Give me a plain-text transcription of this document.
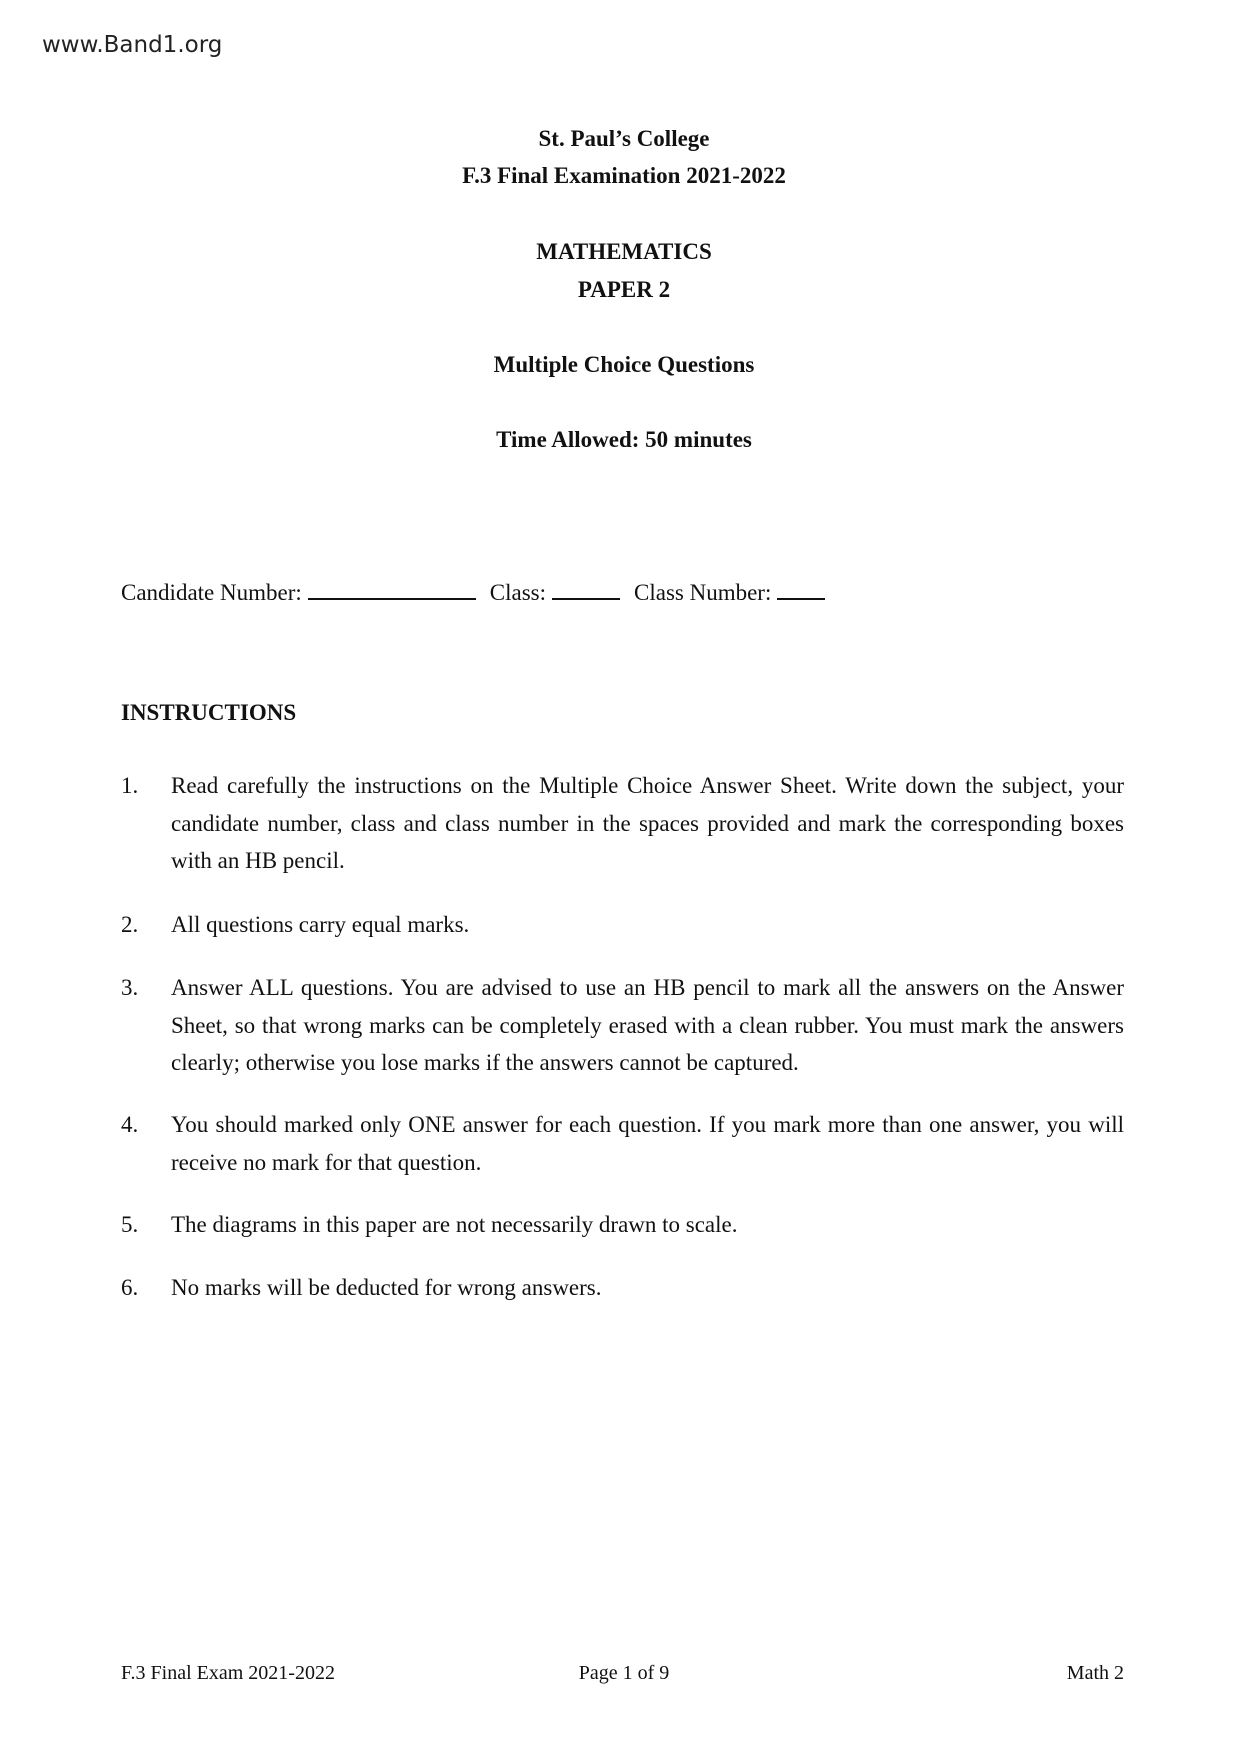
www.Band1.org
St. Paul’s College
F.3 Final Examination 2021-2022
MATHEMATICS
PAPER 2
Multiple Choice Questions
Time Allowed: 50 minutes
Candidate Number:	Class:	Class Number:
INSTRUCTIONS
1. Read carefully the instructions on the Multiple Choice Answer Sheet. Write down the subject, your candidate number, class and class number in the spaces provided and mark the corresponding boxes with an HB pencil.
2. All questions carry equal marks.
3. Answer ALL questions. You are advised to use an HB pencil to mark all the answers on the Answer Sheet, so that wrong marks can be completely erased with a clean rubber. You must mark the answers clearly; otherwise you lose marks if the answers cannot be captured.
4. You should marked only ONE answer for each question. If you mark more than one answer, you will receive no mark for that question.
5. The diagrams in this paper are not necessarily drawn to scale.
6. No marks will be deducted for wrong answers.
F.3 Final Exam 2021-2022	Page 1 of 9	Math 2
